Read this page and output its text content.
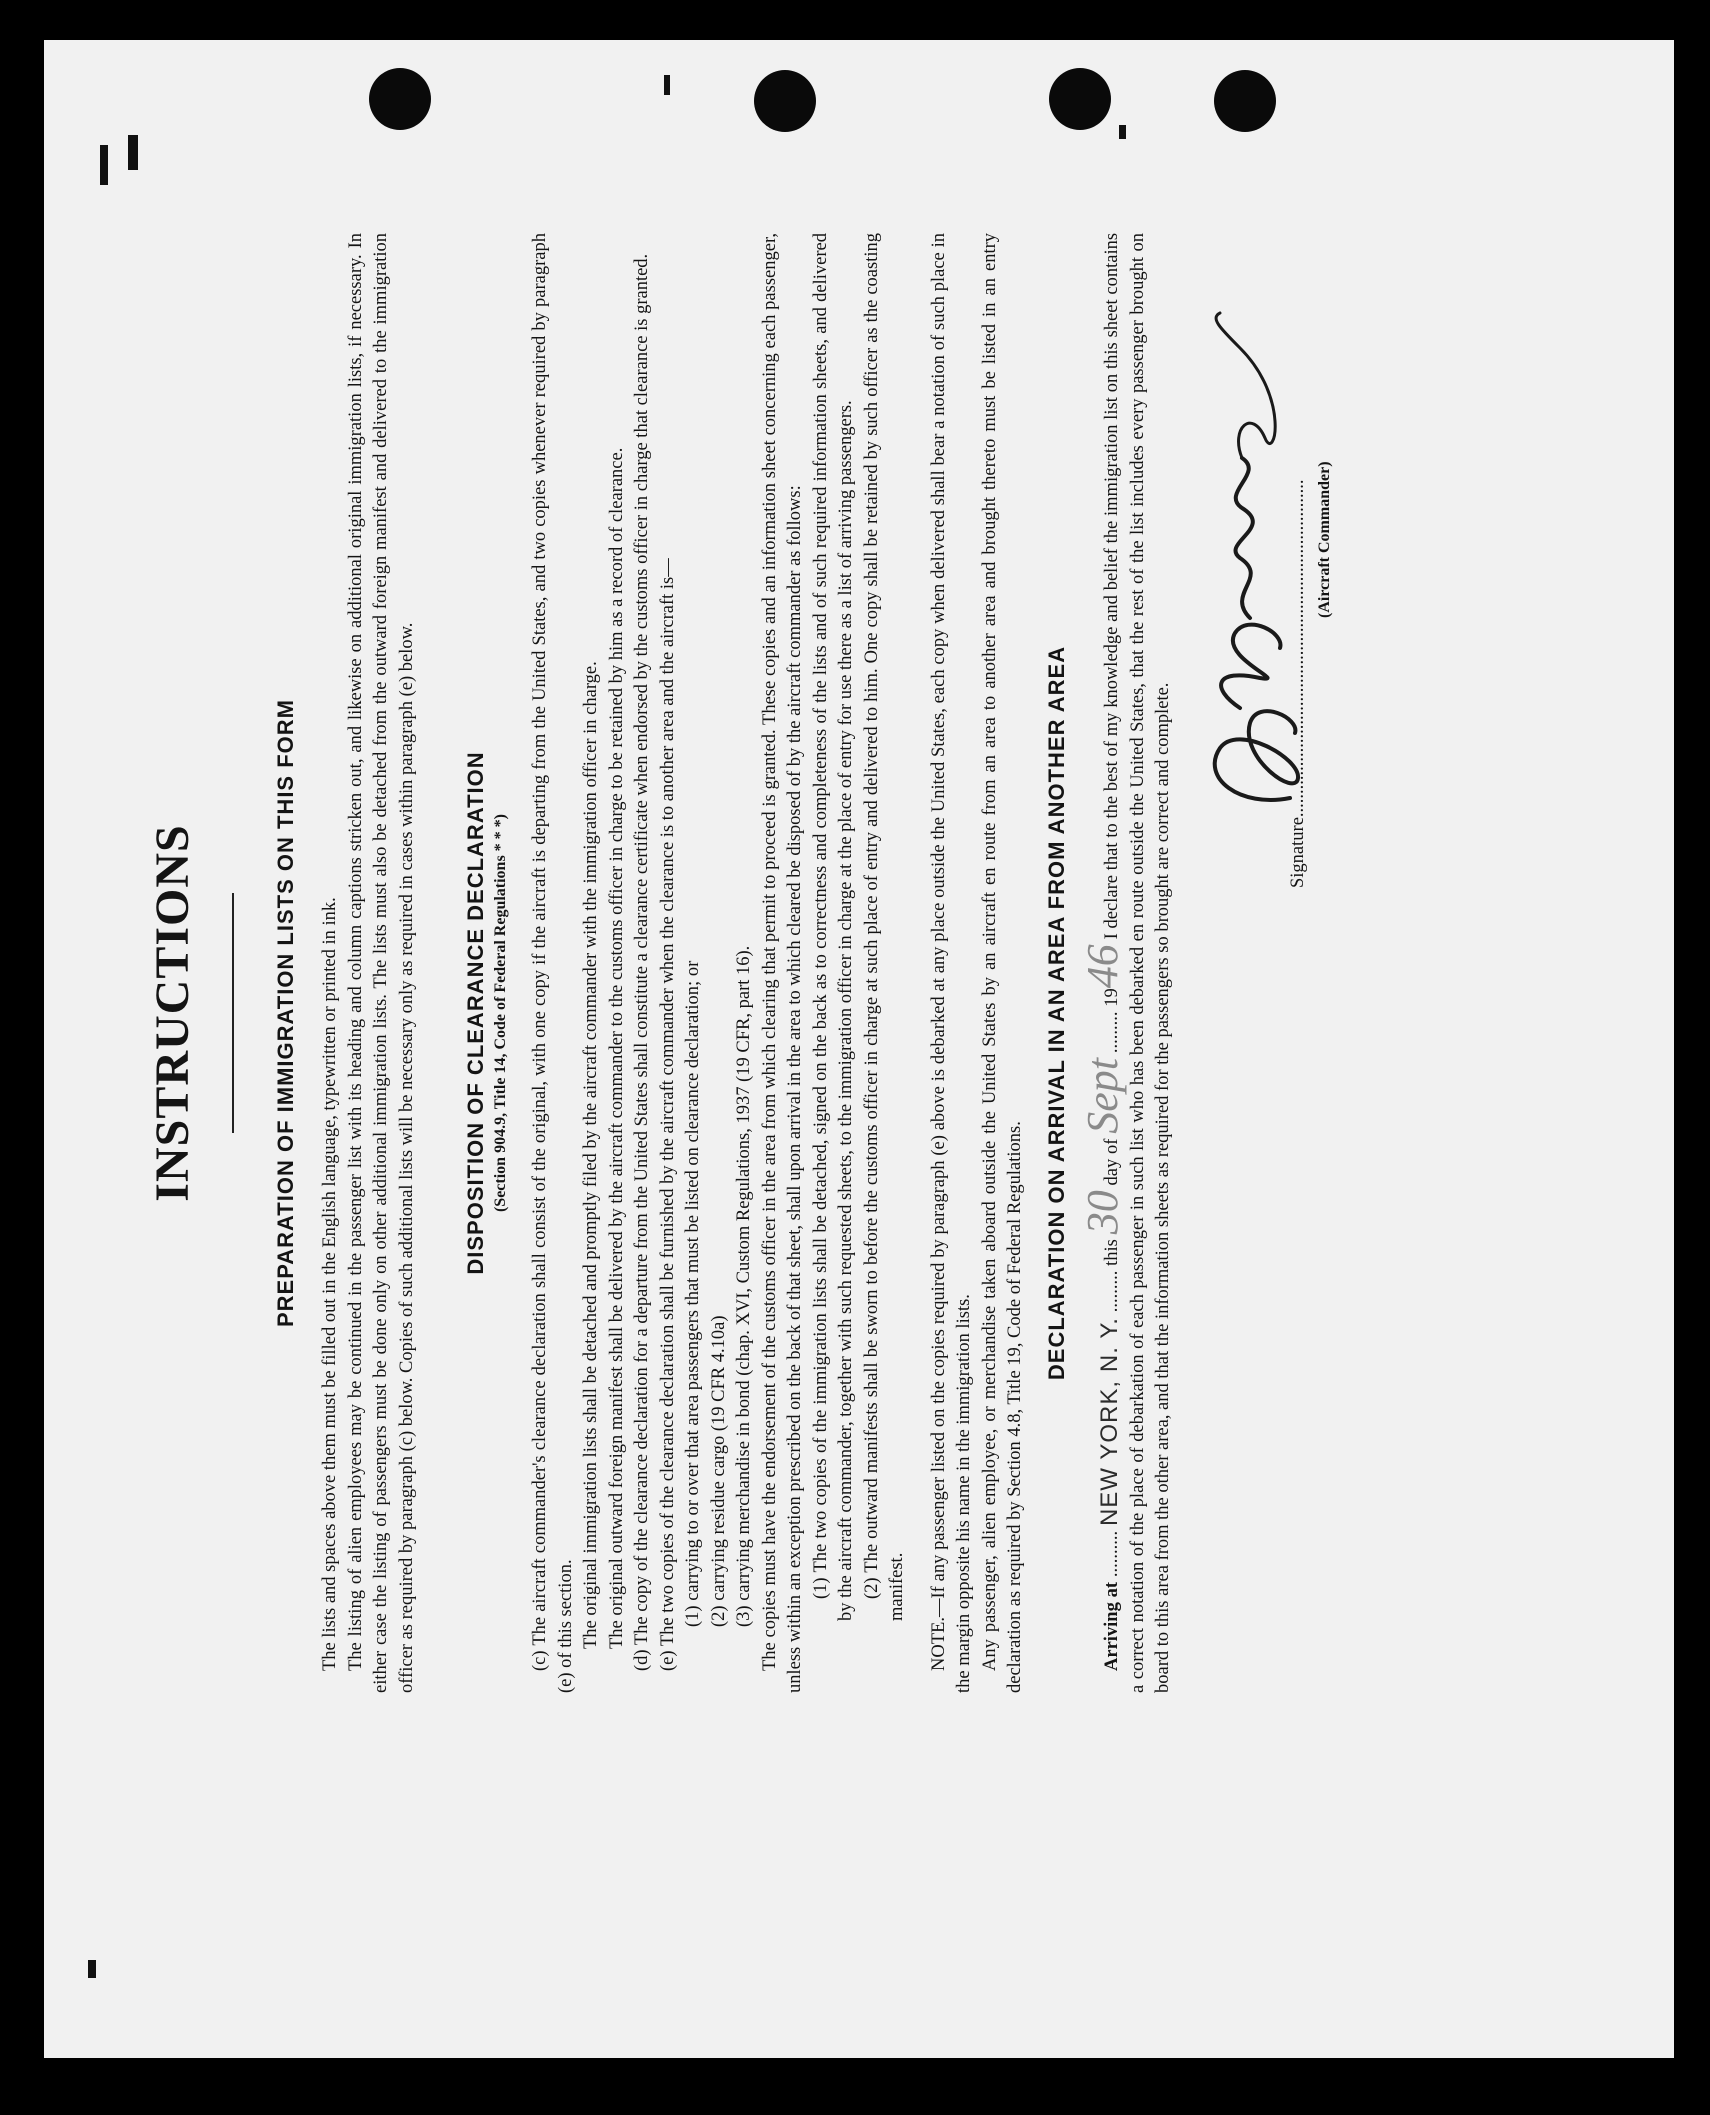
INSTRUCTIONS	PREPARATION OF IMMIGRATION LISTS ON THIS FORM The lists and spaces above them must be filled out in the English language, typewritten or printed in ink. The listing of alien employees may be continued in the passenger list with its heading and column captions stricken out, and likewise on additional original immigration lists, if necessary. In either case the listing of passengers must be done only on other additional immigration lists. The lists must also be detached from the outward foreign manifest and delivered to the immigration officer as required by paragraph (c) below. Copies of such additional lists will be necessary only as required in cases within paragraph (e) below. DISPOSITION OF CLEARANCE DECLARATION (Section 904.9, Title 14, Code of Federal Regulations * * *) (c) The aircraft commander's clearance declaration shall consist of the original, with one copy if the aircraft is departing from the United States, and two copies whenever required by paragraph (e) of this section. The original immigration lists shall be detached and promptly filed by the aircraft commander with the immigration officer in charge. The original outward foreign manifest shall be delivered by the aircraft commander to the customs officer in charge to be retained by him as a record of clearance. (d) The copy of the clearance declaration for a departure from the United States shall constitute a clearance certificate when endorsed by the customs officer in charge that clearance is granted. (e) The two copies of the clearance declaration shall be furnished by the aircraft commander when the clearance is to another area and the aircraft is— (1) carrying to or over that area passengers that must be listed on clearance declaration; or (2) carrying residue cargo (19 CFR 4.10a) (3) carrying merchandise in bond (chap. XVI, Custom Regulations, 1937 (19 CFR, part 16). The copies must have the endorsement of the customs officer in the area from which clearing that permit to proceed is granted. These copies and an information sheet concerning each passenger, unless within an exception prescribed on the back of that sheet, shall upon arrival in the area to which cleared be disposed of by the aircraft commander as follows: (1) The two copies of the immigration lists shall be detached, signed on the back as to correctness and completeness of the lists and of such required information sheets, and delivered by the aircraft commander, together with such requested sheets, to the immigration officer in charge at the place of entry for use there as a list of arriving passengers. (2) The outward manifests shall be sworn to before the customs officer in charge at such place of entry and delivered to him. One copy shall be retained by such officer as the coasting manifest. NOTE.—If any passenger listed on the copies required by paragraph (e) above is debarked at any place outside the United States, each copy when delivered shall bear a notation of such place in the margin opposite his name in the immigration lists. Any passenger, alien employee, or merchandise taken aboard outside the United States by an aircraft en route from an area to another area and brought thereto must be listed in an entry declaration as required by Section 4.8, Title 19, Code of Federal Regulations.

DECLARATION ON ARRIVAL IN AN AREA FROM ANOTHER AREA

Arriving at .......... NEW YORK, N. Y. ......... this 30 day of Sept ......... 1946 I declare that to the best of my knowledge and belief the immigration list on this sheet contains a correct notation of the place of debarkation of each passenger in such list who has been debarked en route outside the United States, that the rest of the list includes every passenger brought on board to this area from the other area, and that the information sheets as required for the passengers so brought are correct and complete.	Signature......................................................................... (Aircraft Commander)
